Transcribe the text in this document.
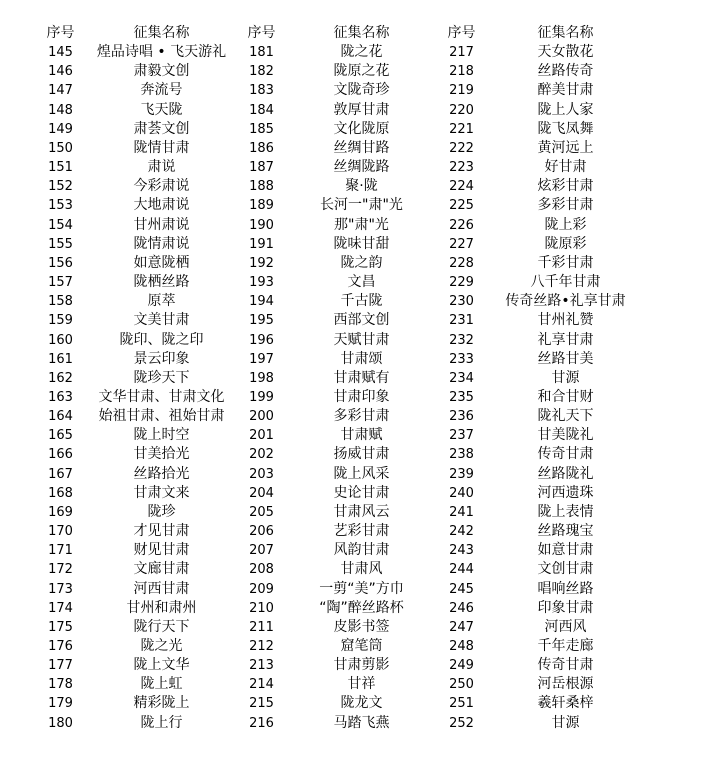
序号	征集名称	序号	征集名称	序号	征集名称
145	煌品诗唱 • 飞天游礼	181	陇之花	217	天女散花
146	肃毅文创	182	陇原之花	218	丝路传奇
147	奔流号	183	文陇奇珍	219	醉美甘肃
148	飞天陇	184	敦厚甘肃	220	陇上人家
149	肃荟文创	185	文化陇原	221	陇飞凤舞
150	陇情甘肃	186	丝绸甘路	222	黄河远上
151	肃说	187	丝绸陇路	223	好甘肃
152	今彩肃说	188	聚·陇	224	炫彩甘肃
153	大地肃说	189	长河一"肃"光	225	多彩甘肃
154	甘州肃说	190	那"肃"光	226	陇上彩
155	陇情肃说	191	陇味甘甜	227	陇原彩
156	如意陇栖	192	陇之韵	228	千彩甘肃
157	陇栖丝路	193	文昌	229	八千年甘肃
158	原萃	194	千古陇	230	传奇丝路•礼享甘肃
159	文美甘肃	195	西部文创	231	甘州礼赞
160	陇印、陇之印	196	天赋甘肃	232	礼享甘肃
161	景云印象	197	甘肃颂	233	丝路甘美
162	陇珍天下	198	甘肃赋有	234	甘源
163	文华甘肃、甘肃文化	199	甘肃印象	235	和合甘财
164	始祖甘肃、祖始甘肃	200	多彩甘肃	236	陇礼天下
165	陇上时空	201	甘肃赋	237	甘美陇礼
166	甘美拾光	202	扬威甘肃	238	传奇甘肃
167	丝路拾光	203	陇上风采	239	丝路陇礼
168	甘肃文来	204	史论甘肃	240	河西遗珠
169	陇珍	205	甘肃风云	241	陇上表情
170	才见甘肃	206	艺彩甘肃	242	丝路瑰宝
171	财见甘肃	207	风韵甘肃	243	如意甘肃
172	文廊甘肃	208	甘肃风	244	文创甘肃
173	河西甘肃	209	一剪“美”方巾	245	唱响丝路
174	甘州和肃州	210	“陶”醉丝路杯	246	印象甘肃
175	陇行天下	211	皮影书签	247	河西风
176	陇之光	212	窟笔筒	248	千年走廊
177	陇上文华	213	甘肃剪影	249	传奇甘肃
178	陇上虹	214	甘祥	250	河岳根源
179	精彩陇上	215	陇龙文	251	羲轩桑梓
180	陇上行	216	马踏飞燕	252	甘源
